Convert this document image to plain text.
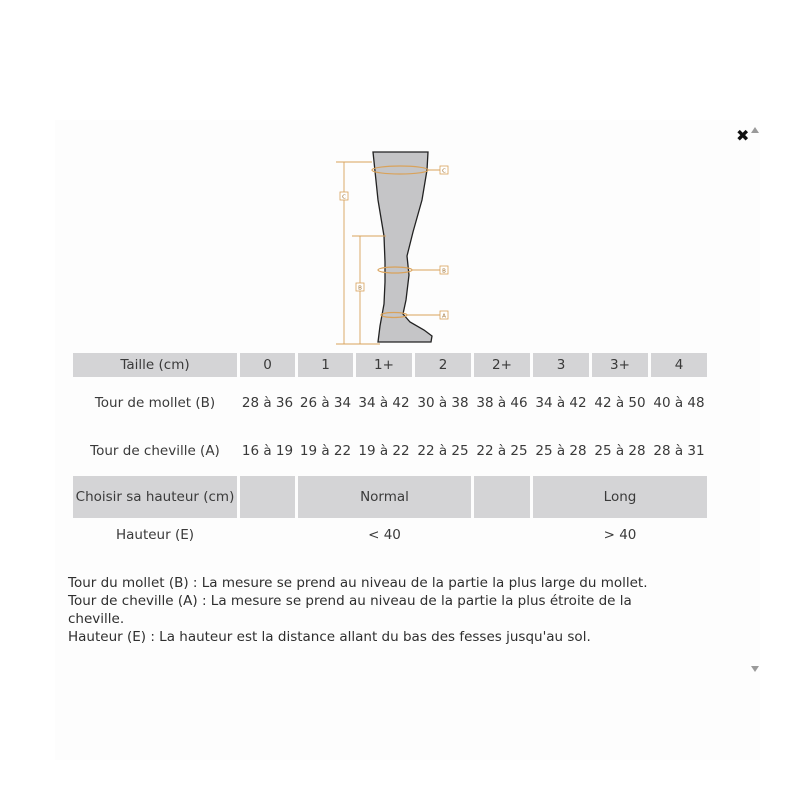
✖
C
B
A
C
B
Taille (cm)	0	1	1+	2	2+	3	3+	4
Tour de mollet (B)	28 à 36	26 à 34	34 à 42	30 à 38	38 à 46	34 à 42	42 à 50	40 à 48
Tour de cheville (A)	16 à 19	19 à 22	19 à 22	22 à 25	22 à 25	25 à 28	25 à 28	28 à 31
Choisir sa hauteur (cm)		Normal				Long		
Hauteur (E)		< 40				> 40		
Tour du mollet (B) : La mesure se prend au niveau de la partie la plus large du mollet.
Tour de cheville (A) : La mesure se prend au niveau de la partie la plus étroite de la cheville.
Hauteur (E) : La hauteur est la distance allant du bas des fesses jusqu'au sol.
